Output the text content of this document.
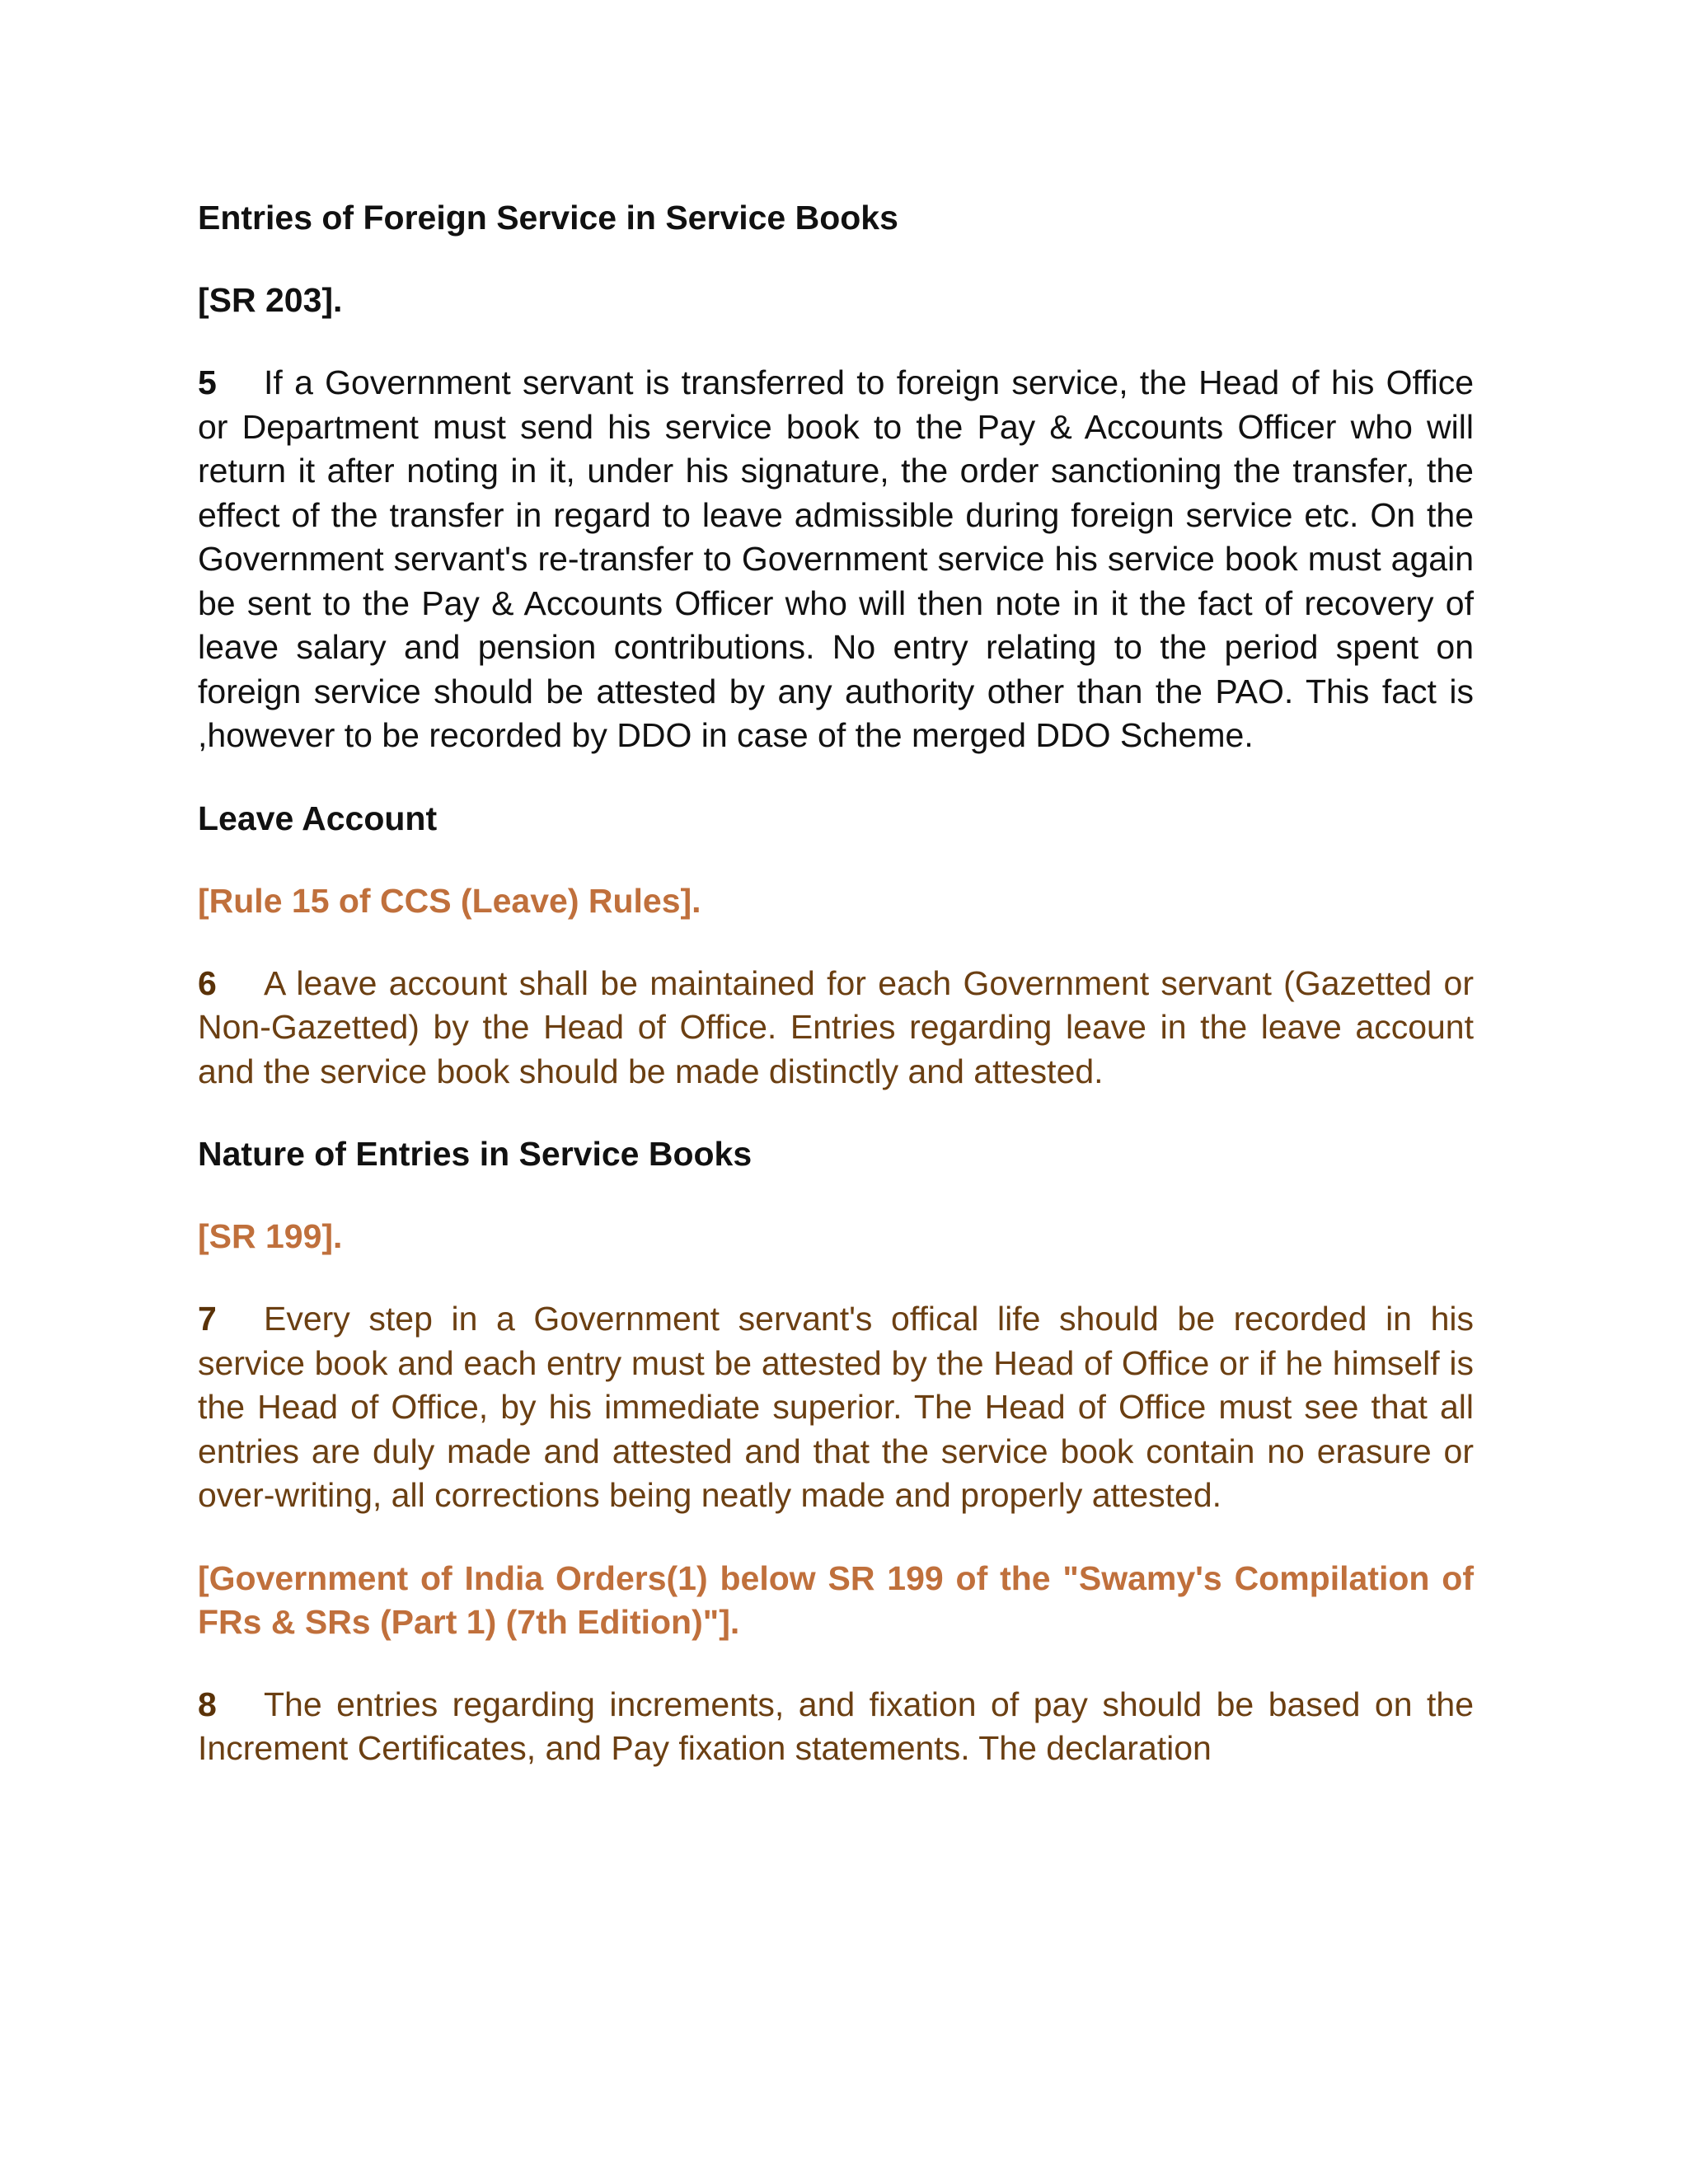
Entries of Foreign Service in Service Books
[SR 203].
5 If a Government servant is transferred to foreign service, the Head of his Office or Department must send his service book to the Pay & Accounts Officer who will return it after noting in it, under his signature, the order sanctioning the transfer, the effect of the transfer in regard to leave admissible during foreign service etc. On the Government servant's re-transfer to Government service his service book must again be sent to the Pay & Accounts Officer who will then note in it the fact of recovery of leave salary and pension contributions. No entry relating to the period spent on foreign service should be attested by any authority other than the PAO. This fact is ,however to be recorded by DDO in case of the merged DDO Scheme.
Leave Account
[Rule 15 of CCS (Leave) Rules].
6 A leave account shall be maintained for each Government servant (Gazetted or Non-Gazetted) by the Head of Office. Entries regarding leave in the leave account and the service book should be made distinctly and attested.
Nature of Entries in Service Books
[SR 199].
7 Every step in a Government servant's offical life should be recorded in his service book and each entry must be attested by the Head of Office or if he himself is the Head of Office, by his immediate superior. The Head of Office must see that all entries are duly made and attested and that the service book contain no erasure or over-writing, all corrections being neatly made and properly attested.
[Government of India Orders(1) below SR 199 of the "Swamy's Compilation of FRs & SRs (Part 1) (7th Edition)"].
8 The entries regarding increments, and fixation of pay should be based on the Increment Certificates, and Pay fixation statements. The declaration
